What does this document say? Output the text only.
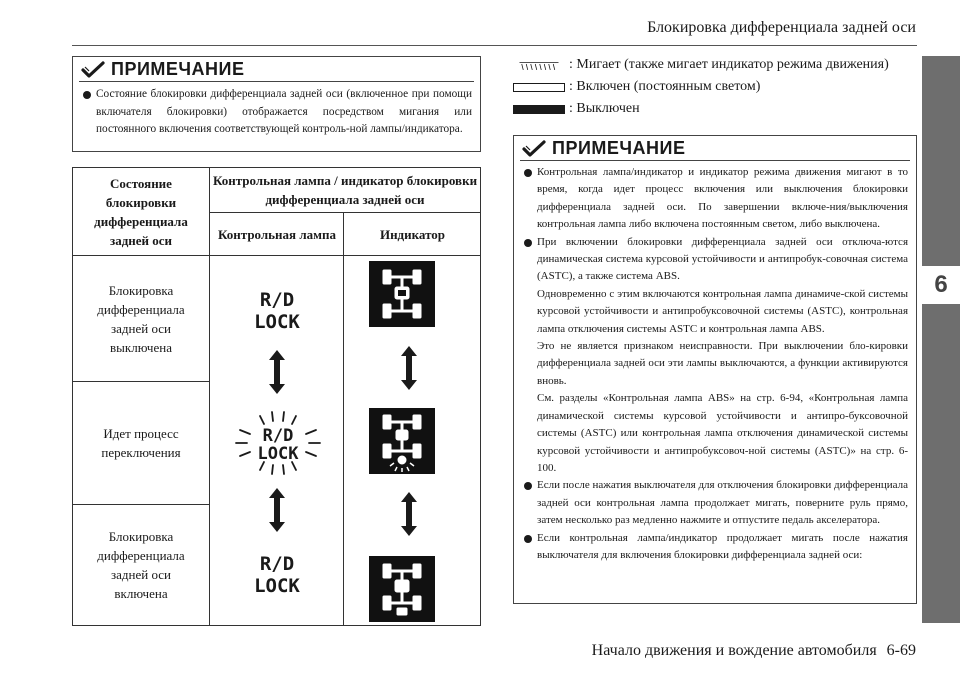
Блокировка дифференциала задней оси
6
ПРИМЕЧАНИЕ

Состояние блокировки дифференциала задней оси (включенное при помощи включателя блокировки) отображается посредством мигания или постоянного включения соответствующей контроль-ной лампы/индикатора.

Состояние блокировки дифференциала задней оси
Контрольная лампа / индикатор блокировки дифференциала задней оси
Контрольная лампа	Индикатор
Блокировка дифференциала задней оси выключена
Идет процесс переключения
Блокировка дифференциала задней оси включена
R/D LOCK
R/D
LOCK
R/D
LOCK
: Мигает (также мигает индикатор режима движения)
: Включен (постоянным светом)
: Выключен
ПРИМЕЧАНИЕ

Контрольная лампа/индикатор и индикатор режима движения мигают в то время, когда идет процесс включения или выключения блокировки дифференциала задней оси. По завершении включе-ния/выключения контрольная лампа либо включена постоянным светом, либо выключена.

При включении блокировки дифференциала задней оси отключа-ются динамическая система курсовой устойчивости и антипробук-совочная система (ASTC), а также система ABS.

Одновременно с этим включаются контрольная лампа динамиче-ской системы курсовой устойчивости и антипробуксовочной системы (ASTC), контрольная лампа отключения системы ASTC и контрольная лампа ABS.

Это не является признаком неисправности. При выключении бло-кировки дифференциала задней оси эти лампы выключаются, а функции активируются вновь.

См. разделы «Контрольная лампа ABS» на стр. 6-94, «Контрольная лампа динамической системы курсовой устойчивости и антипро-буксовочной системы (ASTC) или контрольная лампа отключения динамической системы курсовой устойчивости и антипробуксовоч-ной системы (ASTC)» на стр. 6-100.

Если после нажатия выключателя для отключения блокировки дифференциала задней оси контрольная лампа продолжает мигать, поверните руль прямо, затем несколько раз медленно нажмите и отпустите педаль акселератора.

Если контрольная лампа/индикатор продолжает мигать после нажатия выключателя для включения блокировки дифференциала задней оси:

Начало движения и вождение автомобиля 6-69
